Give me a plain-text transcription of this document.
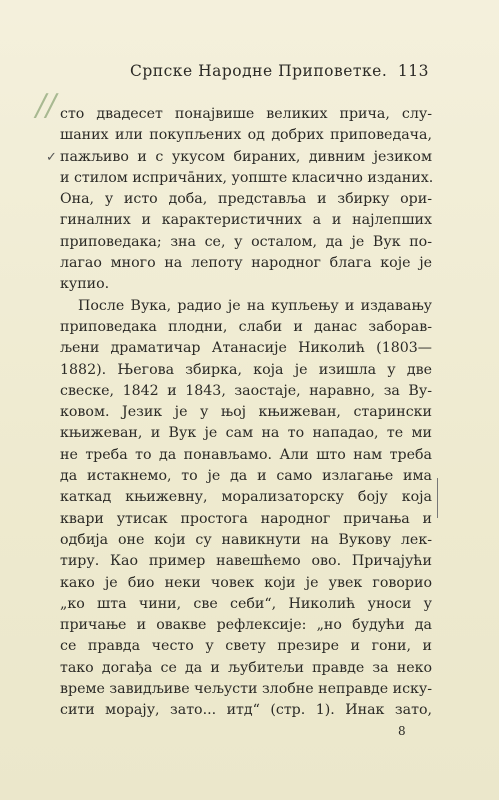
Српске Народне Приповетке. 113
//
✓
сто двадесет понајвише великих прича, слу-
шаних или покупљених од добрих приповедача,
пажљиво и с укусом бираних, дивним језиком
и стилом исприча̄них, уопште класично изданих.
Она, у исто доба, представља и збирку ори-
гиналних и карактеристичних а и најлепших
приповедака; зна се, у осталом, да је Вук по-
лагао много на лепоту народног блага које је
купио.
После Вука, радио је на купљењу и издавању
приповедака плодни, слаби и данас заборав-
љени драматичар Атанасије Николић (1803—
1882). Његова збирка, која је изишла у две
свеске, 1842 и 1843, заостаје, наравно, за Ву-
ковом. Језик је у њој књижеван, старински
књижеван, и Вук је сам на то нападао, те ми
не треба то да понављамо. Али што нам треба
да истакнемо, то је да и само излагање има
каткад књижевну, морализаторску боју која
квари утисак простога народног причања и
одбија оне који су навикнути на Вукову лек-
тиру. Као пример навешћемо ово. Причајући
како је био неки човек који је увек говорио
„ко шта чини, све себи“, Николић уноси у
причање и овакве рефлексије: „но будући да
се правда често у свету презире и гони, и
тако догађа се да и љубитељи правде за неко
време завидљиве чељусти злобне неправде иску-
сити морају, зато... итд“ (стр. 1). Инак зато,
8
